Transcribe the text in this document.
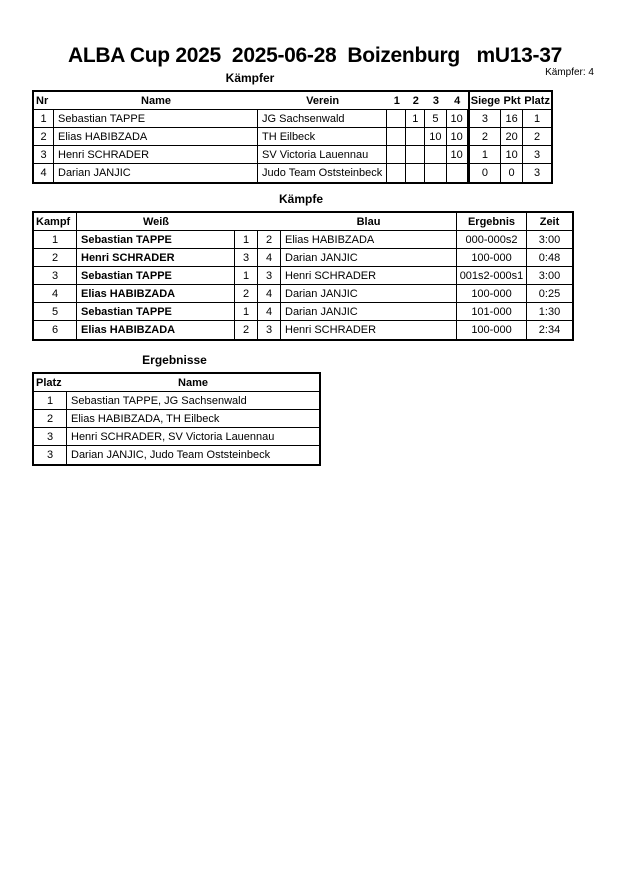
ALBA Cup 2025  2025-06-28  Boizenburg   mU13-37
Kämpfer: 4
Kämpfer
Nr	Name	Verein	1	2	3	4	Siege	Pkt	Platz
1	Sebastian TAPPE	JG Sachsenwald		1	5	10	3	16	1
2	Elias HABIBZADA	TH Eilbeck			10	10	2	20	2
3	Henri SCHRADER	SV Victoria Lauennau				10	1	10	3
4	Darian JANJIC	Judo Team Oststeinbeck					0	0	3
Kämpfe
Kampf	Weiß			Blau	Ergebnis	Zeit
1	Sebastian TAPPE	1	2	Elias HABIBZADA	000-000s2	3:00
2	Henri SCHRADER	3	4	Darian JANJIC	100-000	0:48
3	Sebastian TAPPE	1	3	Henri SCHRADER	001s2-000s1	3:00
4	Elias HABIBZADA	2	4	Darian JANJIC	100-000	0:25
5	Sebastian TAPPE	1	4	Darian JANJIC	101-000	1:30
6	Elias HABIBZADA	2	3	Henri SCHRADER	100-000	2:34
Ergebnisse
Platz	Name
1	Sebastian TAPPE, JG Sachsenwald
2	Elias HABIBZADA, TH Eilbeck
3	Henri SCHRADER, SV Victoria Lauennau
3	Darian JANJIC, Judo Team Oststeinbeck
